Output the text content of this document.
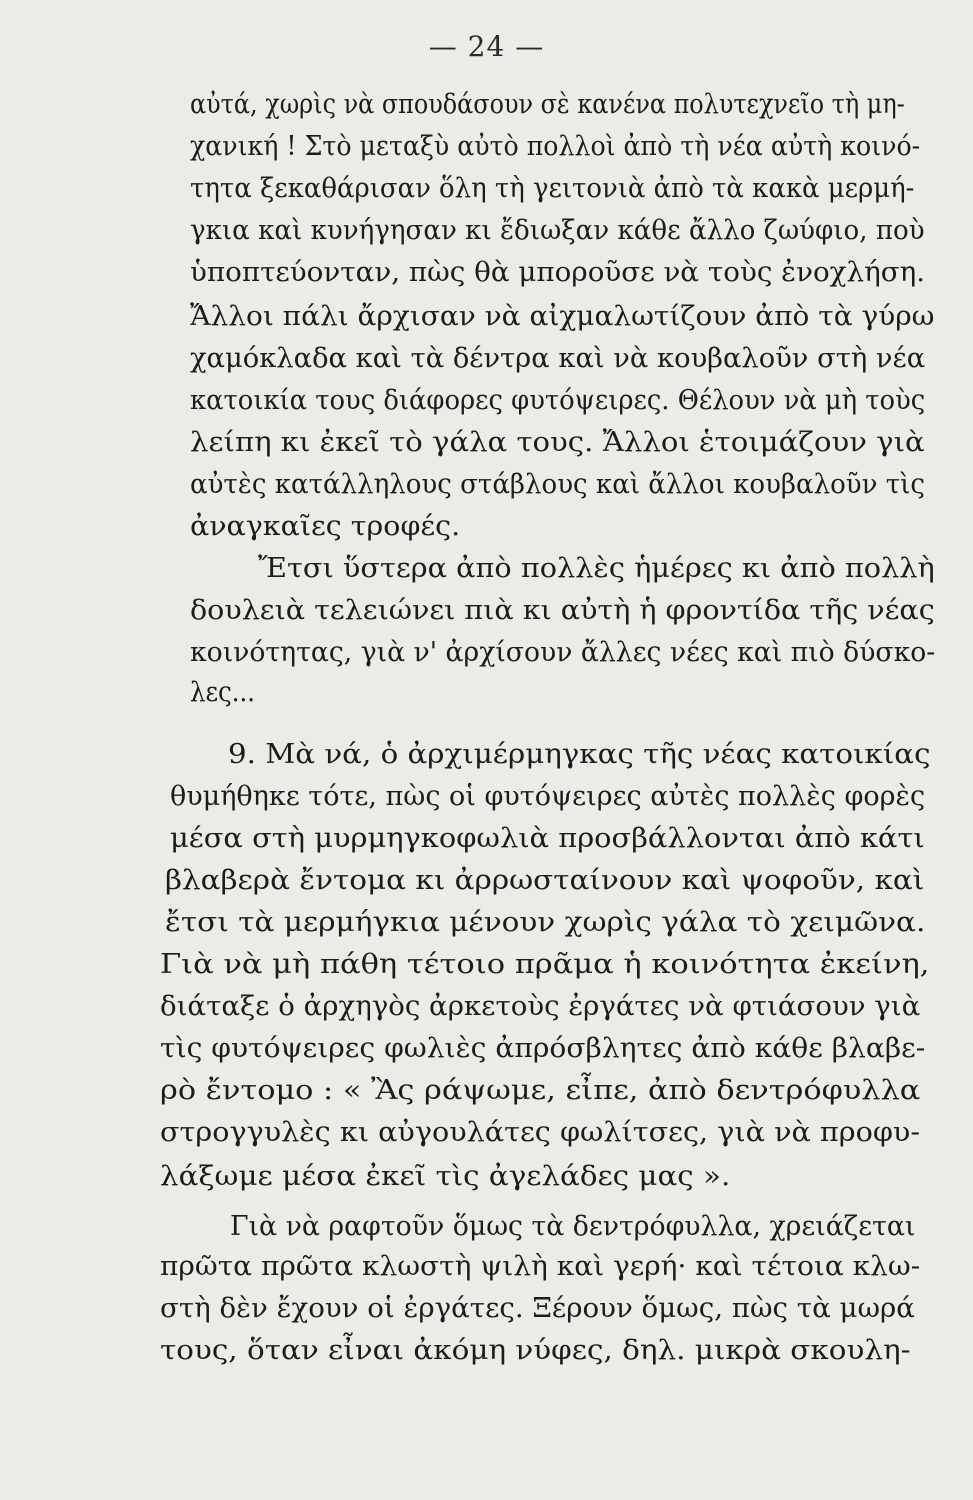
— 24 —
αὐτά, χωρὶς νὰ σπουδάσουν σὲ κανένα πολυτεχνεῖο τὴ μη-
χανική ! Στὸ μεταξὺ αὐτὸ πολλοὶ ἀπὸ τὴ νέα αὐτὴ κοινό-
τητα ξεκαθάρισαν ὅλη τὴ γειτονιὰ ἀπὸ τὰ κακὰ μερμή-
γκια καὶ κυνήγησαν κι ἔδιωξαν κάθε ἄλλο ζωύφιο, ποὺ
ὑποπτεύονταν, πὼς θὰ μποροῦσε νὰ τοὺς ἐνοχλήση.
Ἄλλοι πάλι ἄρχισαν νὰ αἰχμαλωτίζουν ἀπὸ τὰ γύρω
χαμόκλαδα καὶ τὰ δέντρα καὶ νὰ κουβαλοῦν στὴ νέα
κατοικία τους διάφορες φυτόψειρες. Θέλουν νὰ μὴ τοὺς
λείπη κι ἐκεῖ τὸ γάλα τους. Ἄλλοι ἑτοιμάζουν γιὰ
αὐτὲς κατάλληλους στάβλους καὶ ἄλλοι κουβαλοῦν τὶς
ἀναγκαῖες τροφές.
Ἔτσι ὕστερα ἀπὸ πολλὲς ἡμέρες κι ἀπὸ πολλὴ
δουλειὰ τελειώνει πιὰ κι αὐτὴ ἡ φροντίδα τῆς νέας
κοινότητας, γιὰ ν' ἀρχίσουν ἄλλες νέες καὶ πιὸ δύσκο-
λες...
9. Μὰ νά, ὁ ἀρχιμέρμηγκας τῆς νέας κατοικίας
θυμήθηκε τότε, πὼς οἱ φυτόψειρες αὐτὲς πολλὲς φορὲς
μέσα στὴ μυρμηγκοφωλιὰ προσβάλλονται ἀπὸ κάτι
βλαβερὰ ἔντομα κι ἀρρωσταίνουν καὶ ψοφοῦν, καὶ
ἔτσι τὰ μερμήγκια μένουν χωρὶς γάλα τὸ χειμῶνα.
Γιὰ νὰ μὴ πάθη τέτοιο πρᾶμα ἡ κοινότητα ἐκείνη,
διάταξε ὁ ἀρχηγὸς ἀρκετοὺς ἐργάτες νὰ φτιάσουν γιὰ
τὶς φυτόψειρες φωλιὲς ἀπρόσβλητες ἀπὸ κάθε βλαβε-
ρὸ ἔντομο : « Ἂς ράψωμε, εἶπε, ἀπὸ δεντρόφυλλα
στρογγυλὲς κι αὐγουλάτες φωλίτσες, γιὰ νὰ προφυ-
λάξωμε μέσα ἐκεῖ τὶς ἀγελάδες μας ».
Γιὰ νὰ ραφτοῦν ὅμως τὰ δεντρόφυλλα, χρειάζεται
πρῶτα πρῶτα κλωστὴ ψιλὴ καὶ γερή· καὶ τέτοια κλω-
στὴ δὲν ἔχουν οἱ ἐργάτες. Ξέρουν ὅμως, πὼς τὰ μωρά
τους, ὅταν εἶναι ἀκόμη νύφες, δηλ. μικρὰ σκουλη-
